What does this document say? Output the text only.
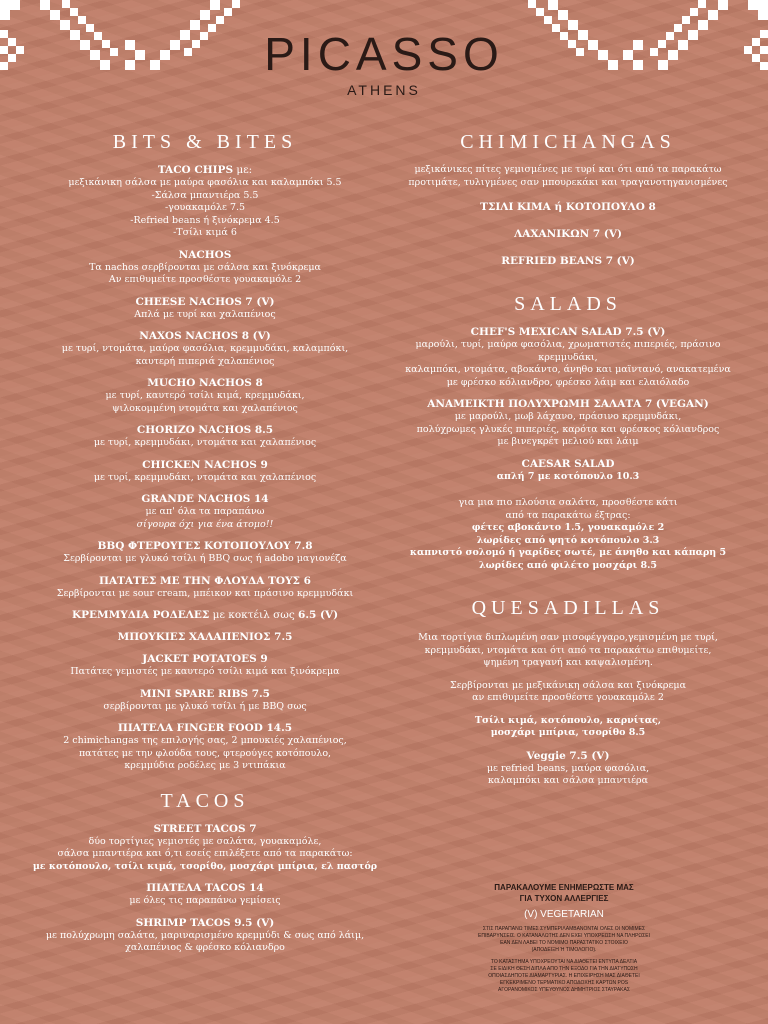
PICASSO
ATHENS
BITS & BITES
TACO CHIPS με:
μεξικάνικη σάλσα με μαύρα φασόλια και καλαμπόκι 5.5
-Σάλσα μπαντιέρα 5.5
-γουακαμόλε 7.5
-Refried beans ή ξινόκρεμα 4.5
-Τσίλι κιμά 6
NACHOS
Τα nachos σερβίρονται με σάλσα και ξινόκρεμα
Αν επιθυμείτε προσθέστε γουακαμόλε 2
CHEESE NACHOS 7 (V)
Απλά με τυρί και χαλαπένιος
NAXOS NACHOS 8 (V)
με τυρί, ντομάτα, μαύρα φασόλια, κρεμμυδάκι, καλαμπόκι,
καυτερή πιπεριά χαλαπένιος
MUCHO NACHOS 8
με τυρί, καυτερό τσίλι κιμά, κρεμμυδάκι,
ψιλοκομμένη ντομάτα και χαλαπένιος
CHORIZO NACHOS 8.5
με τυρί, κρεμμυδάκι, ντομάτα και χαλαπένιος
CHICKEN NACHOS 9
με τυρί, κρεμμυδάκι, ντομάτα και χαλαπένιος
GRANDE NACHOS 14
με απ' όλα τα παραπάνω
σίγουρα όχι για ένα άτομο!!
BBQ ΦΤΕΡΟΥΓΕΣ ΚΟΤΟΠΟΥΛΟΥ 7.8
Σερβίρονται με γλυκό τσίλι ή BBQ σως ή adobo μαγιονέζα
ΠΑΤΑΤΕΣ ΜΕ ΤΗΝ ΦΛΟΥΔΑ ΤΟΥΣ 6
Σερβίρονται με sour cream, μπέικον και πράσινο κρεμμυδάκι
ΚΡΕΜΜΥΔΙΑ ΡΟΔΕΛΕΣ με κοκτέιλ σως 6.5 (V)
ΜΠΟΥΚΙΕΣ ΧΑΛΑΠΕΝΙΟΣ 7.5
JACKET POTATOES 9
Πατάτες γεμιστές με καυτερό τσίλι κιμά και ξινόκρεμα
MINI SPARE RIBS 7.5
σερβίρονται με γλυκό τσίλι ή με BBQ σως
ΠΙΑΤΕΛΑ FINGER FOOD 14.5
2 chimichangas της επιλογής σας, 2 μπουκιές χαλαπένιος,
πατάτες με την φλούδα τους, φτερούγες κοτόπουλο,
κρεμμύδια ροδέλες με 3 ντιπάκια
TACOS
STREET TACOS 7
δύο τορτίγιες γεμιστές με σαλάτα, γουακαμόλε,
σάλσα μπαντιέρα και ό,τι εσείς επιλέξετε από τα παρακάτω:
με κοτόπουλο, τσίλι κιμά, τσορίθο, μοσχάρι μπίρια, ελ παστόρ
ΠΙΑΤΕΛΑ TACOS 14
με όλες τις παραπάνω γεμίσεις
SHRIMP TACOS 9.5 (V)
με πολύχρωμη σαλάτα, μαριναρισμένο κρεμμύδι & σως από λάιμ,
χαλαπένιος & φρέσκο κόλιανδρο
CHIMICHANGAS
μεξικάνικες πίτες γεμισμένες με τυρί και ότι από τα παρακάτω
προτιμάτε, τυλιγμένες σαν μπουρεκάκι και τραγανοτηγανισμένες
ΤΣΙΛΙ ΚΙΜΑ ή ΚΟΤΟΠΟΥΛΟ 8
ΛΑΧΑΝΙΚΩΝ 7 (V)
REFRIED BEANS 7 (V)
SALADS
CHEF'S MEXICAN SALAD 7.5 (V)
μαρούλι, τυρί, μαύρα φασόλια, χρωματιστές πιπεριές, πράσινο κρεμμυδάκι,
καλαμπόκι, ντομάτα, αβοκάντο, άνηθο και μαϊντανό, ανακατεμένα
με φρέσκο κόλιανδρο, φρέσκο λάιμ και ελαιόλαδο
ΑΝΑΜΕΙΚΤΗ ΠΟΛΥΧΡΩΜΗ ΣΑΛΑΤΑ 7 (VEGAN)
με μαρούλι, μωβ λάχανο, πράσινο κρεμμυδάκι,
πολύχρωμες γλυκές πιπεριές, καρότα και φρέσκος κόλιανδρος
με βινεγκρέτ μελιού και λάιμ
CAESAR SALAD
απλή 7 με κοτόπουλο 10.3
για μια πιο πλούσια σαλάτα, προσθέστε κάτι
από τα παρακάτω έξτρας:
φέτες αβοκάντο 1.5, γουακαμόλε 2
λωρίδες από ψητό κοτόπουλο 3.3
καπνιστό σολομό ή γαρίδες σωτέ, με άνηθο και κάπαρη 5
λωρίδες από φιλέτο μοσχάρι 8.5
QUESADILLAS
Μια τορτίγια διπλωμένη σαν μισοφέγγαρο,γεμισμένη με τυρί,
κρεμμυδάκι, ντομάτα και ότι από τα παρακάτω επιθυμείτε,
ψημένη τραγανή και καψαλισμένη.
Σερβίρονται με μεξικάνικη σάλσα και ξινόκρεμα
αν επιθυμείτε προσθέστε γουακαμόλε 2
Τσίλι κιμά, κοτόπουλο, καρνίτας,
μοσχάρι μπίρια, τσορίθο 8.5
Veggie 7.5 (V)
με refried beans, μαύρα φασόλια,
καλαμπόκι και σάλσα μπαντιέρα
ΠΑΡΑΚΑΛΟΥΜΕ ΕΝΗΜΕΡΩΣΤΕ ΜΑΣ
ΓΙΑ ΤΥΧΟΝ ΑΛΛΕΡΓΙΕΣ
(V) VEGETARIAN
ΣΤΙΣ ΠΑΡΑΠΑΝΩ ΤΙΜΕΣ ΣΥΜΠΕΡΙΛΑΜΒΑΝΟΝΤΑΙ ΟΛΕΣ ΟΙ ΝΟΜΙΜΕΣ
ΕΠΙΒΑΡΥΝΣΕΙΣ. Ο ΚΑΤΑΝΑΛΩΤΗΣ ΔΕΝ ΕΧΕΙ ΥΠΟΧΡΕΩΣΗ ΝΑ ΠΛΗΡΩΣΕΙ
ΕΑΝ ΔΕΝ ΛΑΒΕΙ ΤΟ ΝΟΜΙΜΟ ΠΑΡΑΣΤΑΤΙΚΟ ΣΤΟΙΧΕΙΟ
(ΑΠΟΔΕΙΞΗ Ή ΤΙΜΟΛΟΓΙΟ).
ΤΟ ΚΑΤΑΣΤΗΜΑ ΥΠΟΧΡΕΟΥΤΑΙ ΝΑ ΔΙΑΘΕΤΕΙ ΕΝΤΥΠΑ ΔΕΛΤΙΑ
ΣΕ ΕΙΔΙΚΗ ΘΕΣΗ ΔΙΠΛΑ ΑΠΟ ΤΗΝ ΕΞΟΔΟ ΓΙΑ ΤΗΝ ΔΙΑΤΥΠΩΣΗ
ΟΠΟΙΑΣΔΗΠΟΤΕ ΔΙΑΜΑΡΤΥΡΙΑΣ. Η ΕΠΙΧΕΙΡΗΣΗ ΜΑΣ ΔΙΑΘΕΤΕΙ
ΕΓΚΕΚΡΙΜΕΝΟ ΤΕΡΜΑΤΙΚΟ ΑΠΟΔΟΧΗΣ ΚΑΡΤΩΝ POS
ΑΓΟΡΑΝΟΜΙΚΟΣ ΥΠΕΥΘΥΝΟΣ ΔΗΜΗΤΡΙΟΣ ΣΤΑΥΡΑΚΑΣ
